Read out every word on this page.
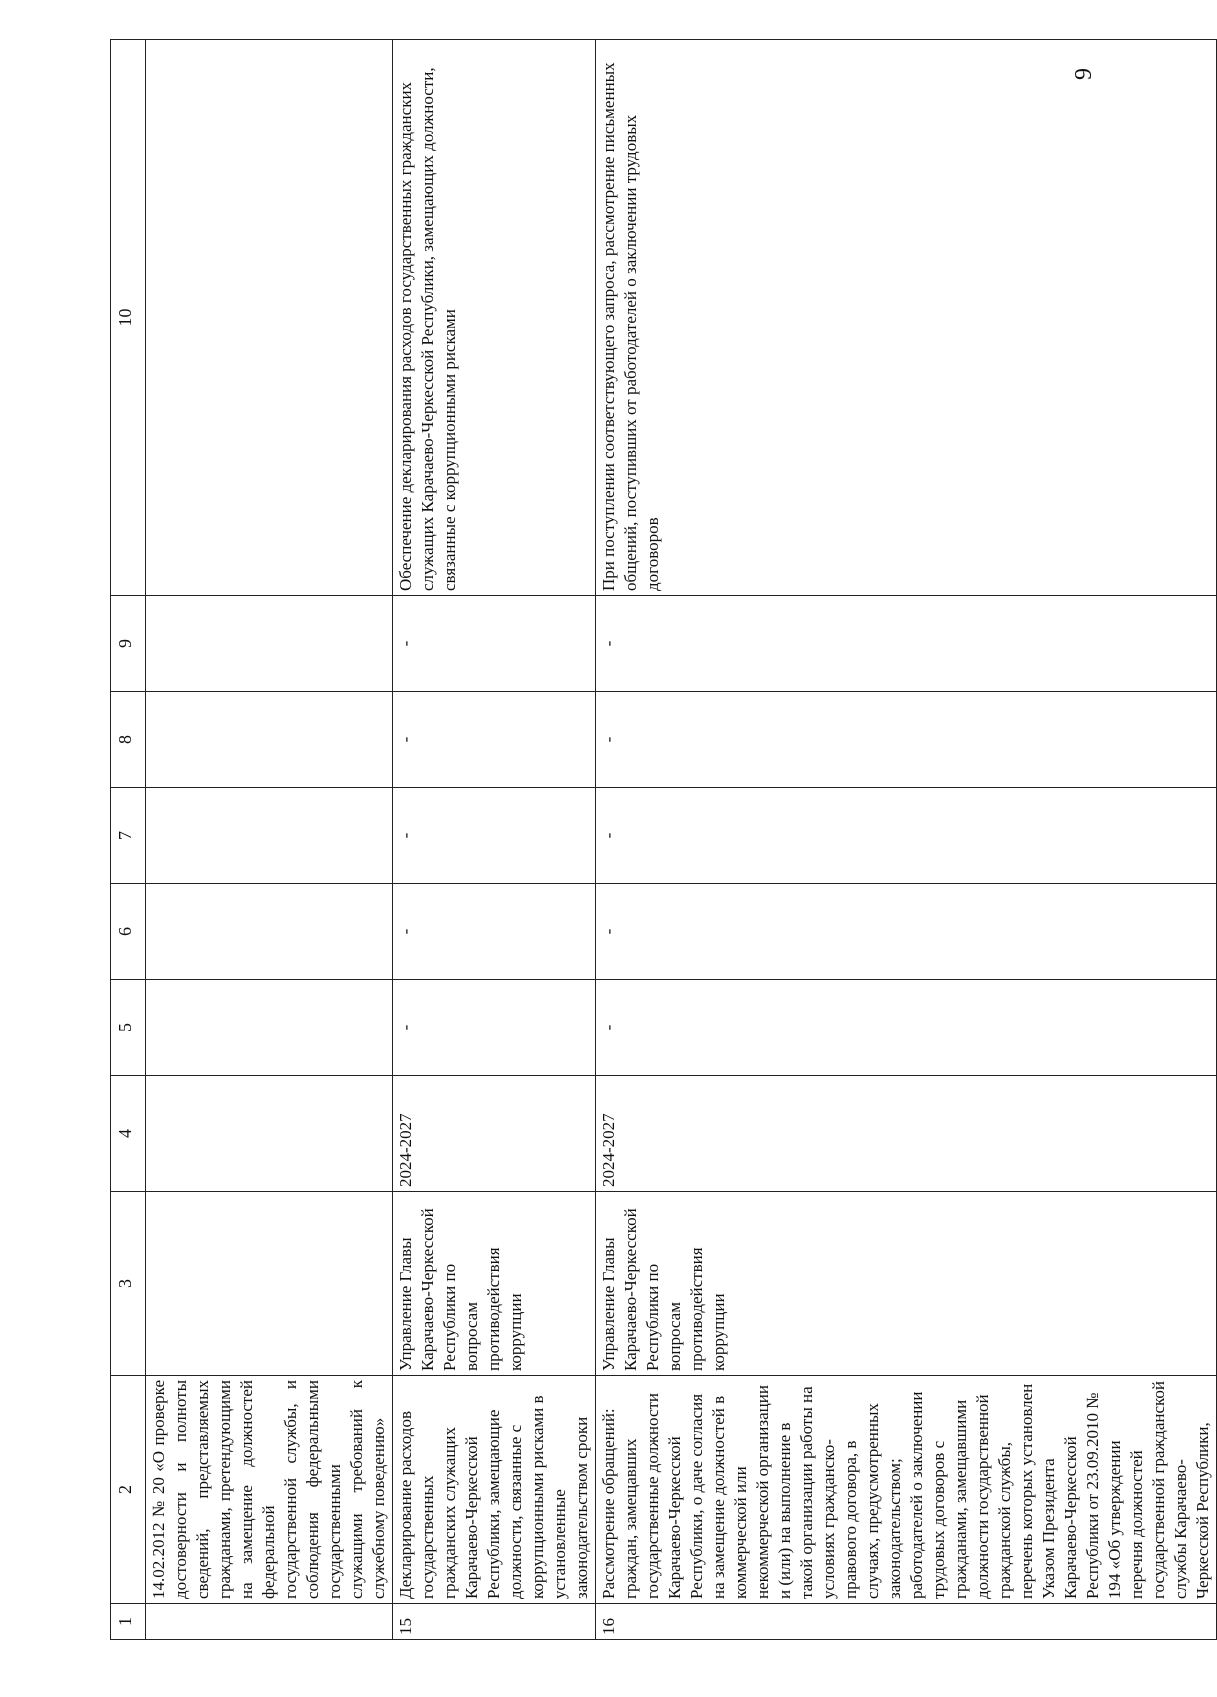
9
1	2	3	4	5	6	7	8	9	10
	14.02.2012 № 20 «О проверке достоверности и полноты сведений, представляемых гражданами, претендующими на замещение должностей федеральной государственной службы, и соблюдения федеральными государственными служащими требований к служебному поведению»								
15	Декларирование расходов государственных гражданских служащих Карачаево-Черкесской Республики, замещающие должности, связанные с коррупционными рисками в установленные законодательством сроки	Управление Главы Карачаево-Черкесской Республики по вопросам противодействия коррупции	2024-2027	-	-	-	-	-	Обеспечение декларирования расходов государственных гражданских служащих Карачаево-Черкесской Республики, замещающих должности, связанные с коррупционными рисками
16	Рассмотрение обращений: граждан, замещавших государственные должности Карачаево-Черкесской Республики, о даче согласия на замещение должностей в коммерческой или некоммерческой организации и (или) на выполнение в такой организации работы на условиях гражданско-правового договора, в случаях, предусмотренных законодательством; работодателей о заключении трудовых договоров с гражданами, замещавшими должности государственной гражданской службы, перечень которых установлен Указом Президента Карачаево-Черкесской Республики от 23.09.2010 № 194 «Об утверждении перечня должностей государственной гражданской службы Карачаево-Черкесской Республики,	Управление Главы Карачаево-Черкесской Республики по вопросам противодействия коррупции	2024-2027	-	-	-	-	-	При поступлении соответствующего запроса, рассмотрение письменных общений, поступивших от работодателей о заключении трудовых договоров
